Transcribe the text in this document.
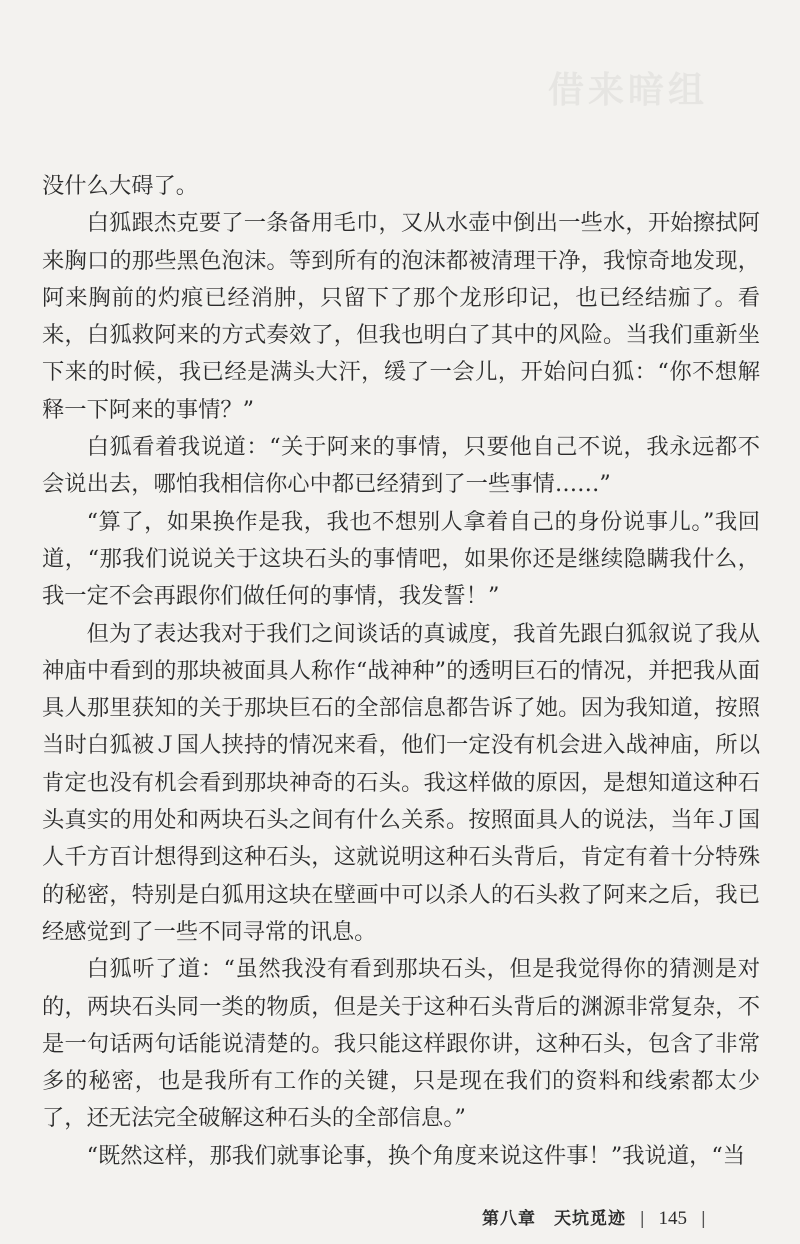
借来暗组

没什么大碍了。

白狐跟杰克要了一条备用毛巾，又从水壶中倒出一些水，开始擦拭阿来胸口的那些黑色泡沫。等到所有的泡沫都被清理干净，我惊奇地发现，阿来胸前的灼痕已经消肿，只留下了那个龙形印记，也已经结痂了。看来，白狐救阿来的方式奏效了，但我也明白了其中的风险。当我们重新坐下来的时候，我已经是满头大汗，缓了一会儿，开始问白狐：“你不想解释一下阿来的事情？”

白狐看着我说道：“关于阿来的事情，只要他自己不说，我永远都不会说出去，哪怕我相信你心中都已经猜到了一些事情……”

“算了，如果换作是我，我也不想别人拿着自己的身份说事儿。”我回道，“那我们说说关于这块石头的事情吧，如果你还是继续隐瞒我什么，我一定不会再跟你们做任何的事情，我发誓！”

但为了表达我对于我们之间谈话的真诚度，我首先跟白狐叙说了我从神庙中看到的那块被面具人称作“战神种”的透明巨石的情况，并把我从面具人那里获知的关于那块巨石的全部信息都告诉了她。因为我知道，按照当时白狐被Ｊ国人挟持的情况来看，他们一定没有机会进入战神庙，所以肯定也没有机会看到那块神奇的石头。我这样做的原因，是想知道这种石头真实的用处和两块石头之间有什么关系。按照面具人的说法，当年Ｊ国人千方百计想得到这种石头，这就说明这种石头背后，肯定有着十分特殊的秘密，特别是白狐用这块在壁画中可以杀人的石头救了阿来之后，我已经感觉到了一些不同寻常的讯息。

白狐听了道：“虽然我没有看到那块石头，但是我觉得你的猜测是对的，两块石头同一类的物质，但是关于这种石头背后的渊源非常复杂，不是一句话两句话能说清楚的。我只能这样跟你讲，这种石头，包含了非常多的秘密，也是我所有工作的关键，只是现在我们的资料和线索都太少了，还无法完全破解这种石头的全部信息。”

“既然这样，那我们就事论事，换个角度来说这件事！”我说道，“当

第八章　天坑觅迹 | 145 |
